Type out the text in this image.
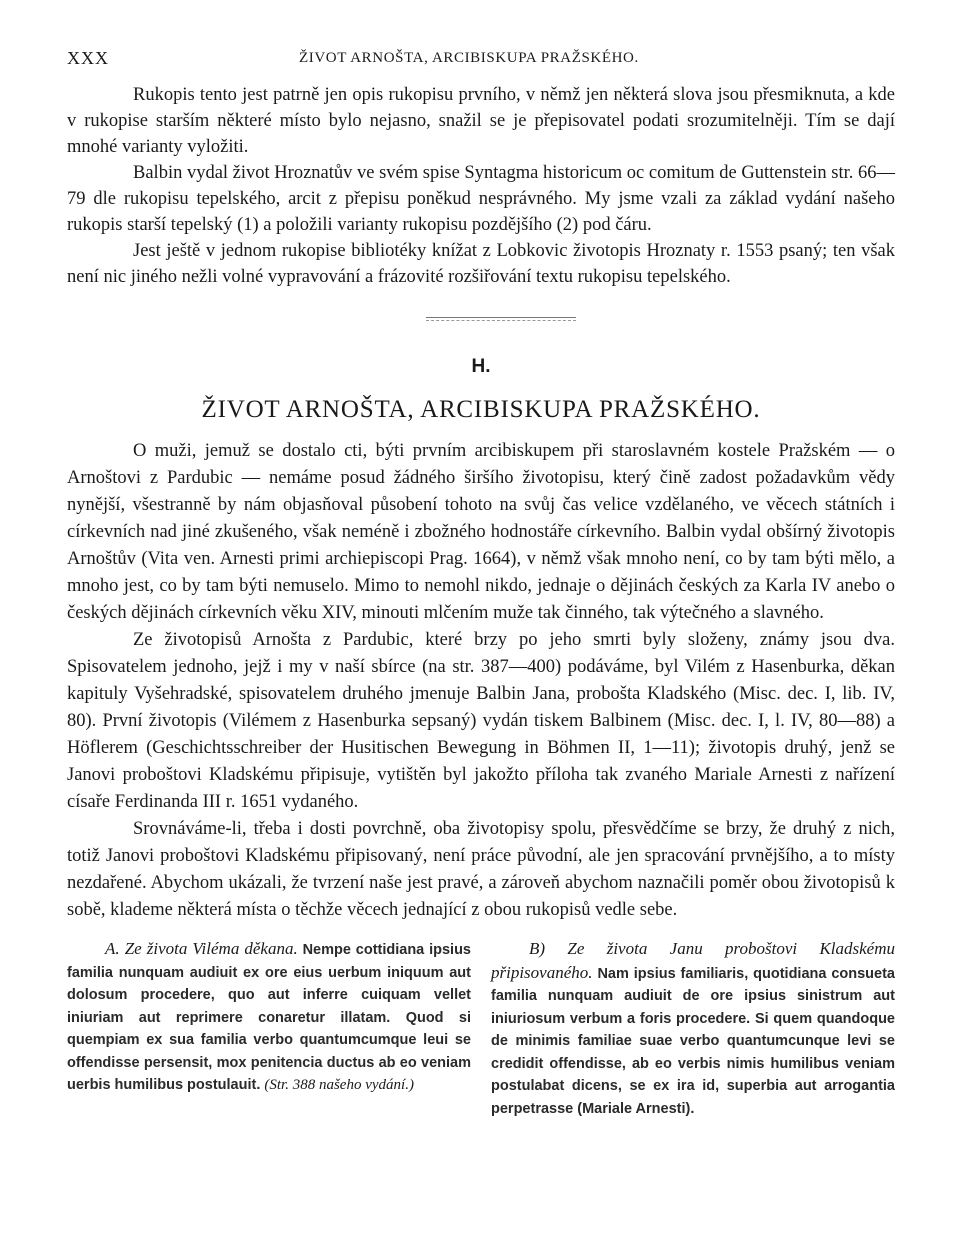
XXX	ŽIVOT ARNOŠTA, ARCIBISKUPA PRAŽSKÉHO.

Rukopis tento jest patrně jen opis rukopisu prvního, v němž jen některá slova jsou přesmiknuta, a kde v rukopise starším některé místo bylo nejasno, snažil se je přepisovatel podati srozumitelněji. Tím se dají mnohé varianty vyložiti.

Balbin vydal život Hroznatův ve svém spise Syntagma historicum oc comitum de Guttenstein str. 66—79 dle rukopisu tepelského, arcit z přepisu poněkud nesprávného. My jsme vzali za základ vydání našeho rukopis starší tepelský (1) a položili varianty rukopisu pozdějšího (2) pod čáru.

Jest ještě v jednom rukopise bibliotéky knížat z Lobkovic životopis Hroznaty r. 1553 psaný; ten však není nic jiného nežli volné vypravování a frázovité rozšiřování textu rukopisu tepelského.

H.
ŽIVOT ARNOŠTA, ARCIBISKUPA PRAŽSKÉHO.

O muži, jemuž se dostalo cti, býti prvním arcibiskupem při staroslavném kostele Pražském — o Arnoštovi z Pardubic — nemáme posud žádného širšího životopisu, který čině zadost požadavkům vědy nynější, všestranně by nám objasňoval působení tohoto na svůj čas velice vzdělaného, ve věcech státních i církevních nad jiné zkušeného, však neméně i zbožného hodnostáře církevního. Balbin vydal obšírný životopis Arnoštův (Vita ven. Arnesti primi archiepiscopi Prag. 1664), v němž však mnoho není, co by tam býti mělo, a mnoho jest, co by tam býti nemuselo. Mimo to nemohl nikdo, jednaje o dějinách českých za Karla IV anebo o českých dějinách církevních věku XIV, minouti mlčením muže tak činného, tak výtečného a slavného.

Ze životopisů Arnošta z Pardubic, které brzy po jeho smrti byly složeny, známy jsou dva. Spisovatelem jednoho, jejž i my v naší sbírce (na str. 387—400) podáváme, byl Vilém z Hasenburka, děkan kapituly Vyšehradské, spisovatelem druhého jmenuje Balbin Jana, probošta Kladského (Misc. dec. I, lib. IV, 80). První životopis (Vilémem z Hasenburka sepsaný) vydán tiskem Balbinem (Misc. dec. I, l. IV, 80—88) a Höflerem (Geschichtsschreiber der Husitischen Bewegung in Böhmen II, 1—11); životopis druhý, jenž se Janovi proboštovi Kladskému připisuje, vytištěn byl jakožto příloha tak zvaného Mariale Arnesti z nařízení císaře Ferdinanda III r. 1651 vydaného.

Srovnáváme-li, třeba i dosti povrchně, oba životopisy spolu, přesvědčíme se brzy, že druhý z nich, totiž Janovi proboštovi Kladskému připisovaný, není práce původní, ale jen spracování prvnějšího, a to místy nezdařené. Abychom ukázali, že tvrzení naše jest pravé, a zároveň abychom naznačili poměr obou životopisů k sobě, klademe některá místa o těchže věcech jednající z obou rukopisů vedle sebe.

A. Ze života Viléma děkana. Nempe cottidiana ipsius familia nunquam audiuit ex ore eius uerbum iniquum aut dolosum procedere, quo aut inferre cuiquam vellet iniuriam aut reprimere conaretur illatam. Quod si quempiam ex sua familia verbo quantumcumque leui se offendisse persensit, mox penitencia ductus ab eo veniam uerbis humilibus postulauit. (Str. 388 našeho vydání.)
B) Ze života Janu proboštovi Kladskému připisovaného. Nam ipsius familiaris, quotidiana consueta familia nunquam audiuit de ore ipsius sinistrum aut iniuriosum verbum a foris procedere. Si quem quandoque de minimis familiae suae verbo quantumcunque levi se credidit offendisse, ab eo verbis nimis humilibus veniam postulabat dicens, se ex ira id, superbia aut arrogantia perpetrasse (Mariale Arnesti).
